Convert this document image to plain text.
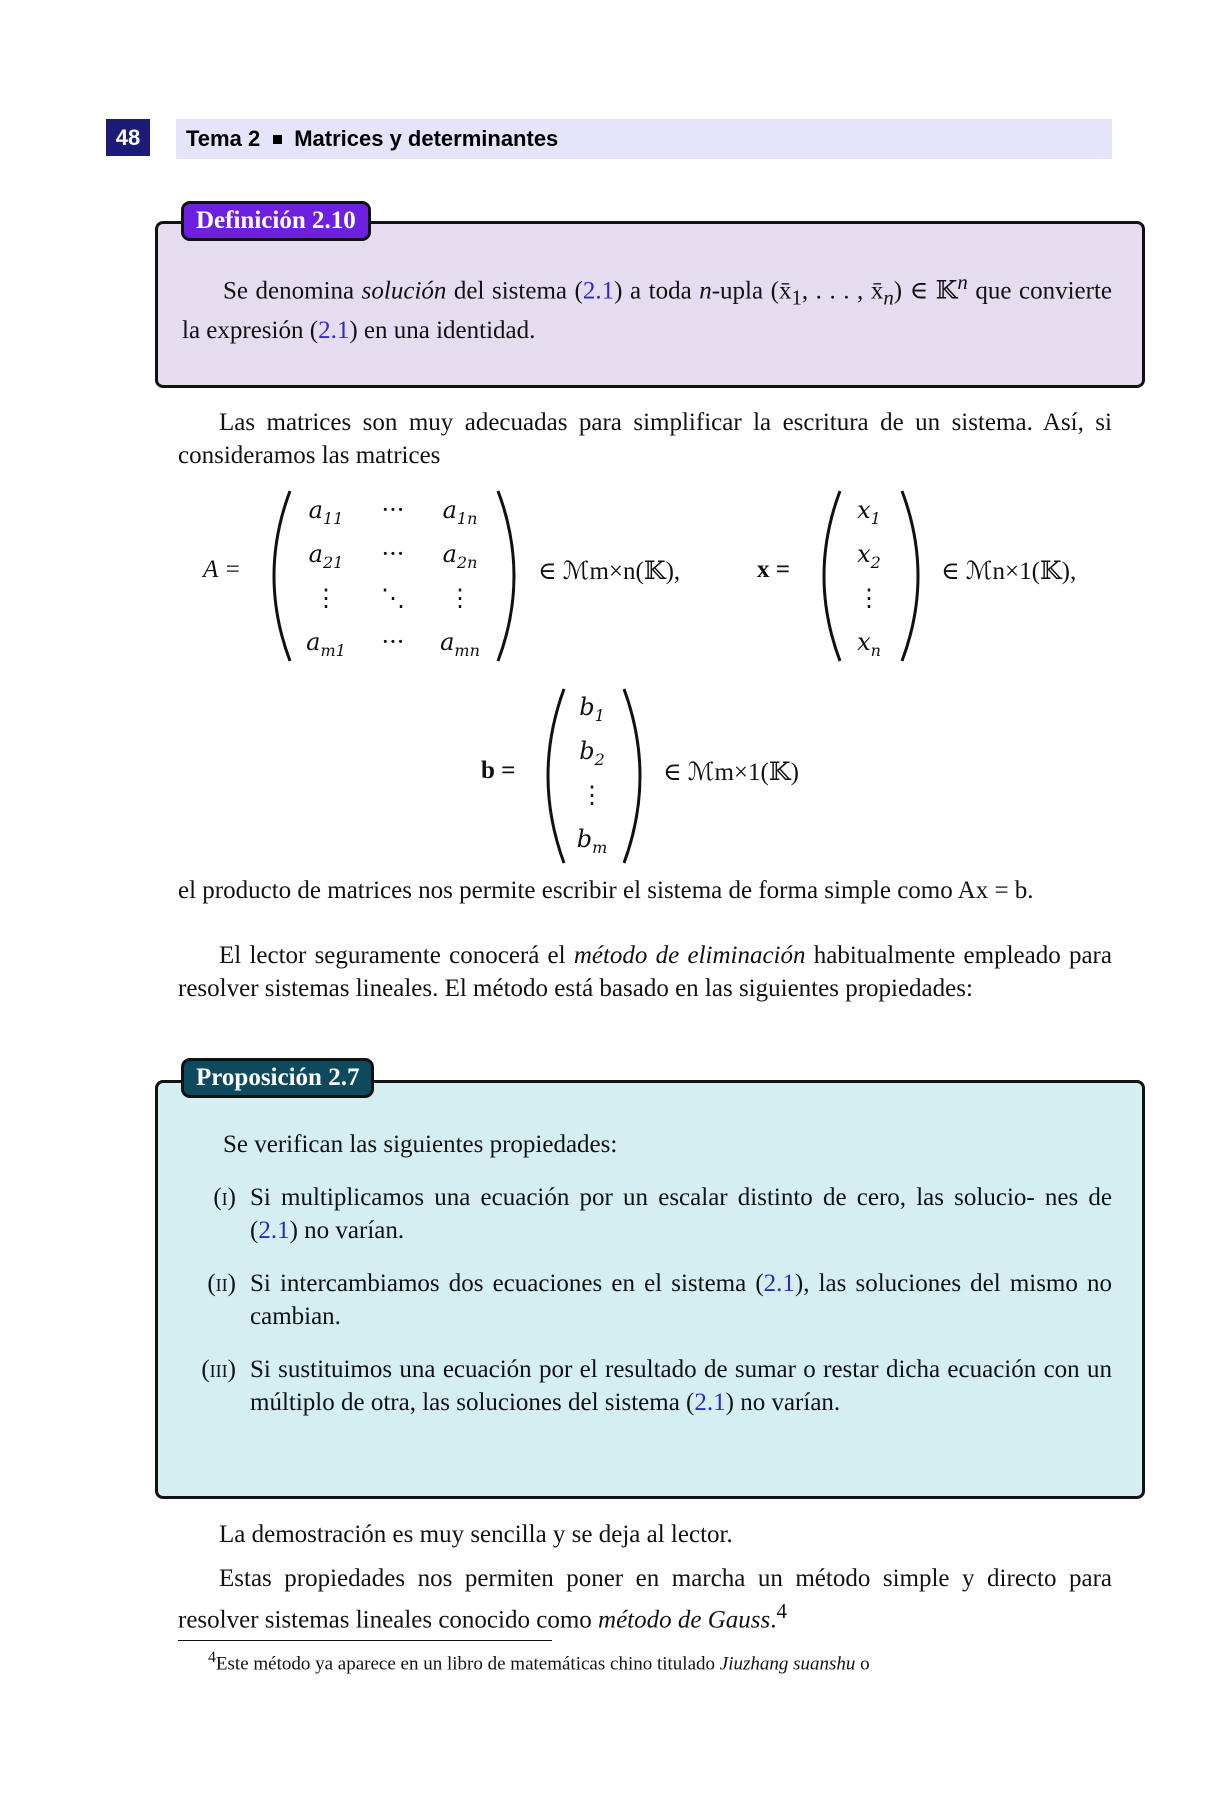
48	Tema 2 Matrices y determinantes
Definición 2.10
Se denomina solución del sistema (2.1) a toda n-upla ($x̄_1$, . . . , $x̄_n$) ∈ 𝕂$^n$ que convierte la expresión (2.1) en una identidad.
Las matrices son muy adecuadas para simplificar la escritura de un sistema. Así, si consideramos las matrices
A =
$a_{11}$	···	$a_{1n}$
$a_{21}$	···	$a_{2n}$
⋮	⋱	⋮
$a_{m1}$	···	$a_{mn}$
∈ ℳm×n(𝕂),	x =
$x_1$
$x_2$
⋮
$x_n$
∈ ℳn×1(𝕂),
b =
$b_1$
$b_2$
⋮
$b_m$
∈ ℳm×1(𝕂)
el producto de matrices nos permite escribir el sistema de forma simple como Ax = b.
El lector seguramente conocerá el método de eliminación habitualmente empleado para resolver sistemas lineales. El método está basado en las siguientes propiedades:
Proposición 2.7
Se verifican las siguientes propiedades:
(i) Si multiplicamos una ecuación por un escalar distinto de cero, las solucio- nes de (2.1) no varían.
(ii) Si intercambiamos dos ecuaciones en el sistema (2.1), las soluciones del mismo no cambian.
(iii) Si sustituimos una ecuación por el resultado de sumar o restar dicha ecuación con un múltiplo de otra, las soluciones del sistema (2.1) no varían.
La demostración es muy sencilla y se deja al lector.
Estas propiedades nos permiten poner en marcha un método simple y directo para resolver sistemas lineales conocido como método de Gauss.$^4$
$^4$Este método ya aparece en un libro de matemáticas chino titulado Jiuzhang suanshu o
